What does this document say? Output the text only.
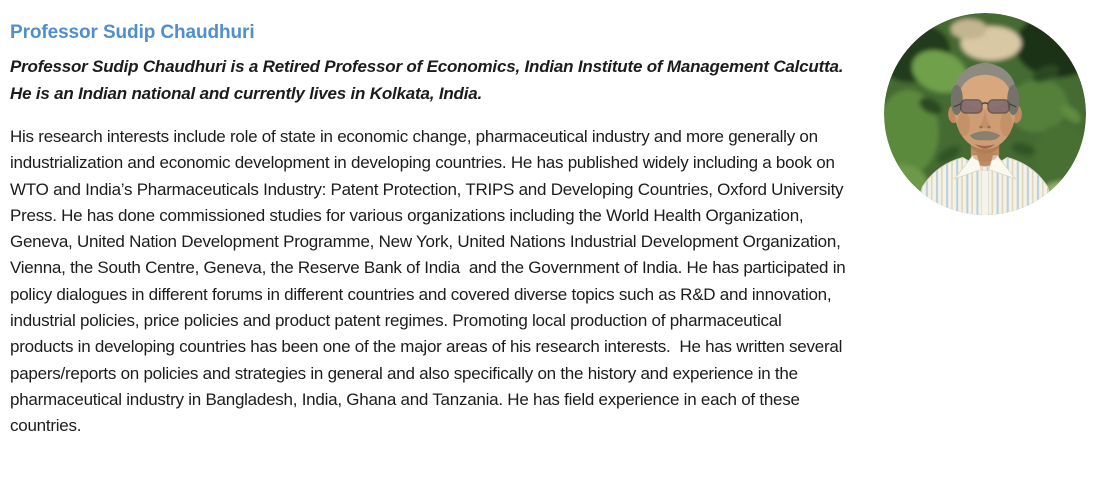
Professor Sudip Chaudhuri

Professor Sudip Chaudhuri is a Retired Professor of Economics, Indian Institute of Management Calcutta. He is an Indian national and currently lives in Kolkata, India.

His research interests include role of state in economic change, pharmaceutical industry and more generally on industrialization and economic development in developing countries. He has published widely including a book on WTO and India’s Pharmaceuticals Industry: Patent Protection, TRIPS and Developing Countries, Oxford University Press. He has done commissioned studies for various organizations including the World Health Organization, Geneva, United Nation Development Programme, New York, United Nations Industrial Development Organization, Vienna, the South Centre, Geneva, the Reserve Bank of India  and the Government of India. He has participated in policy dialogues in different forums in different countries and covered diverse topics such as R&D and innovation, industrial policies, price policies and product patent regimes. Promoting local production of pharmaceutical products in developing countries has been one of the major areas of his research interests.  He has written several papers/reports on policies and strategies in general and also specifically on the history and experience in the pharmaceutical industry in Bangladesh, India, Ghana and Tanzania. He has field experience in each of these countries.
